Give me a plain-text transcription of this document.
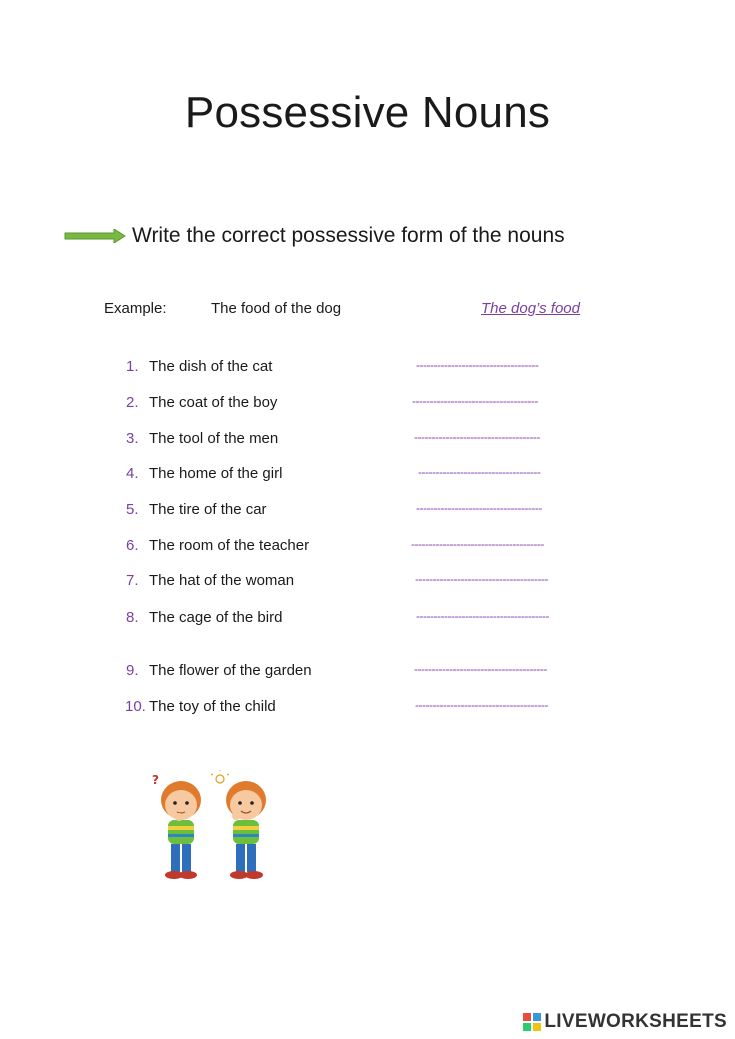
Possessive Nouns
Write the correct possessive form of the nouns
Example:	The food of the dog	The dog’s food
1. The dish of the cat	-----------------------------------
2. The coat of the boy	------------------------------------
3. The tool of the men	------------------------------------
4. The home of the girl	-----------------------------------
5. The tire of the car	------------------------------------
6. The room of the teacher	--------------------------------------
7. The hat of the woman	--------------------------------------
8. The cage of the bird	--------------------------------------
9. The flower of the garden	--------------------------------------
10. The toy of the child	--------------------------------------
?
LIVEWORKSHEETS
